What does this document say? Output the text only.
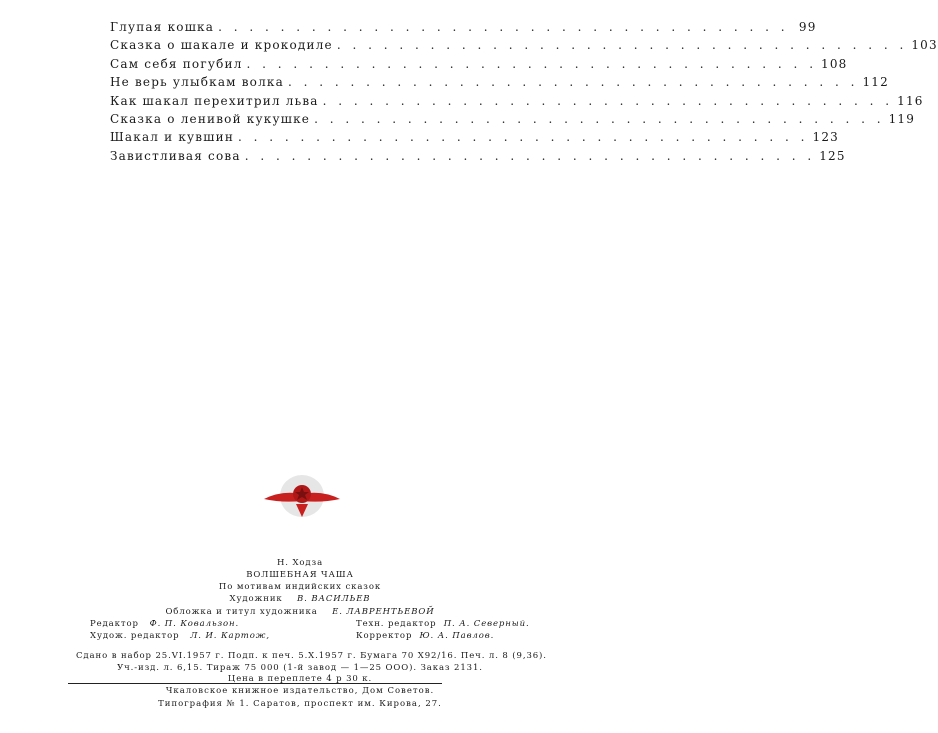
Глупая кошка . . . . . . . . . . . . . . . . . . . . . . . . . . . . . . . . . . . . . 99
Сказка о шакале и крокодиле . . . . . . . . . . . . . . . . . . . . . . . . . . . . . . . . . . . . . 103
Сам себя погубил . . . . . . . . . . . . . . . . . . . . . . . . . . . . . . . . . . . . . 108
Не верь улыбкам волка . . . . . . . . . . . . . . . . . . . . . . . . . . . . . . . . . . . . . 112
Как шакал перехитрил льва . . . . . . . . . . . . . . . . . . . . . . . . . . . . . . . . . . . . . 116
Сказка о ленивой кукушке . . . . . . . . . . . . . . . . . . . . . . . . . . . . . . . . . . . . . 119
Шакал и кувшин . . . . . . . . . . . . . . . . . . . . . . . . . . . . . . . . . . . . . 123
Завистливая сова . . . . . . . . . . . . . . . . . . . . . . . . . . . . . . . . . . . . . 125
Н. Ходза
ВОЛШЕБНАЯ ЧАША
По мотивам индийских сказок
Художник В. ВАСИЛЬЕВ
Обложка и титул художника Е. ЛАВРЕНТЬЕВОЙ
Редактор Ф. П. Ковальзон.	Техн. редактор П. А. Северный.
Худож. редактор Л. И. Картож,	Корректор Ю. А. Павлов.
Сдано в набор 25.VI.1957 г. Подп. к печ. 5.X.1957 г. Бумага 70 X92/16. Печ. л. 8 (9,36).
Уч.-изд. л. 6,15. Тираж 75 000 (1-й завод — 1—25 ООО). Заказ 2131.
Цена в переплете 4 р 30 к.
Чкаловское книжное издательство, Дом Советов.
Типография № 1. Саратов, проспект им. Кирова, 27.
